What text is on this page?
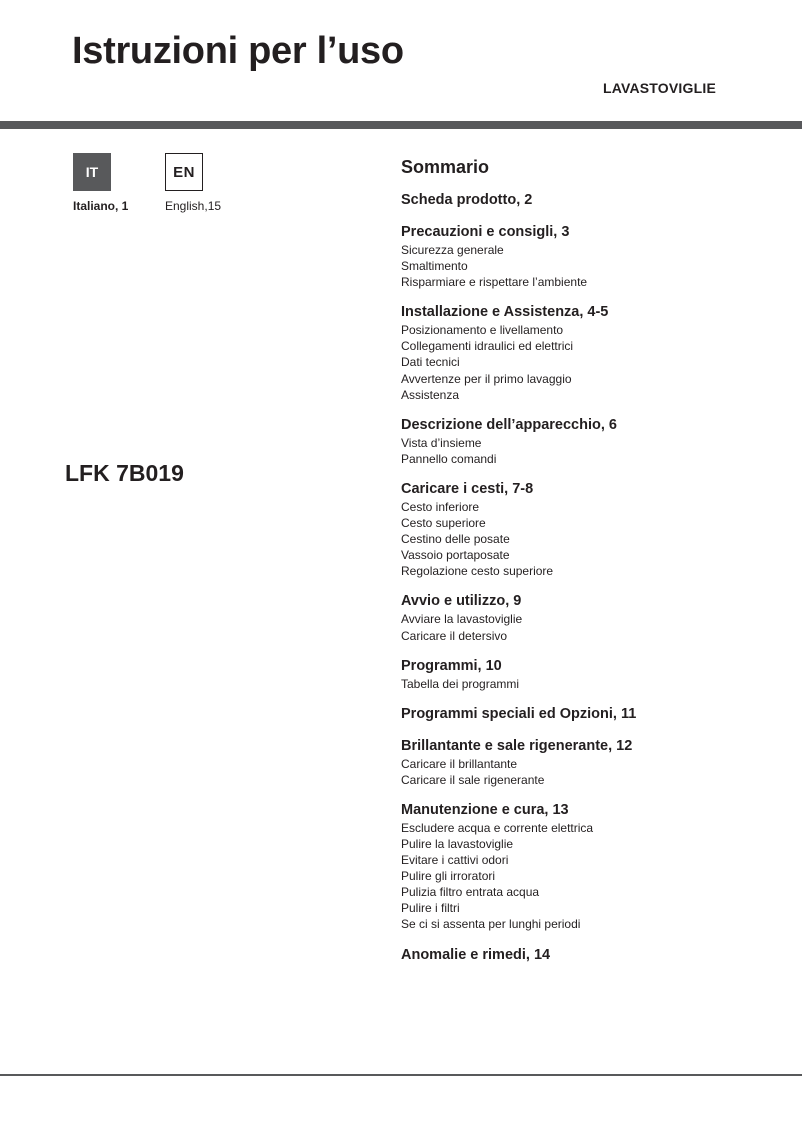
Istruzioni per l’uso
LAVASTOVIGLIE
IT	EN
Italiano, 1	English,15
LFK 7B019
Sommario
Scheda prodotto, 2
Precauzioni e consigli, 3
Sicurezza generale
Smaltimento
Risparmiare e rispettare l’ambiente
Installazione e Assistenza, 4-5
Posizionamento e livellamento
Collegamenti idraulici ed elettrici
Dati tecnici
Avvertenze per il primo lavaggio
Assistenza
Descrizione dell’apparecchio, 6
Vista d’insieme
Pannello comandi
Caricare i cesti, 7-8
Cesto inferiore
Cesto superiore
Cestino delle posate
Vassoio portaposate
Regolazione cesto superiore
Avvio e utilizzo, 9
Avviare la lavastoviglie
Caricare il detersivo
Programmi, 10
Tabella dei programmi
Programmi speciali ed Opzioni, 11
Brillantante e sale rigenerante, 12
Caricare il brillantante
Caricare il sale rigenerante
Manutenzione e cura, 13
Escludere acqua e corrente elettrica
Pulire la lavastoviglie
Evitare i cattivi odori
Pulire gli irroratori
Pulizia filtro entrata acqua
Pulire i filtri
Se ci si assenta per lunghi periodi
Anomalie e rimedi, 14
